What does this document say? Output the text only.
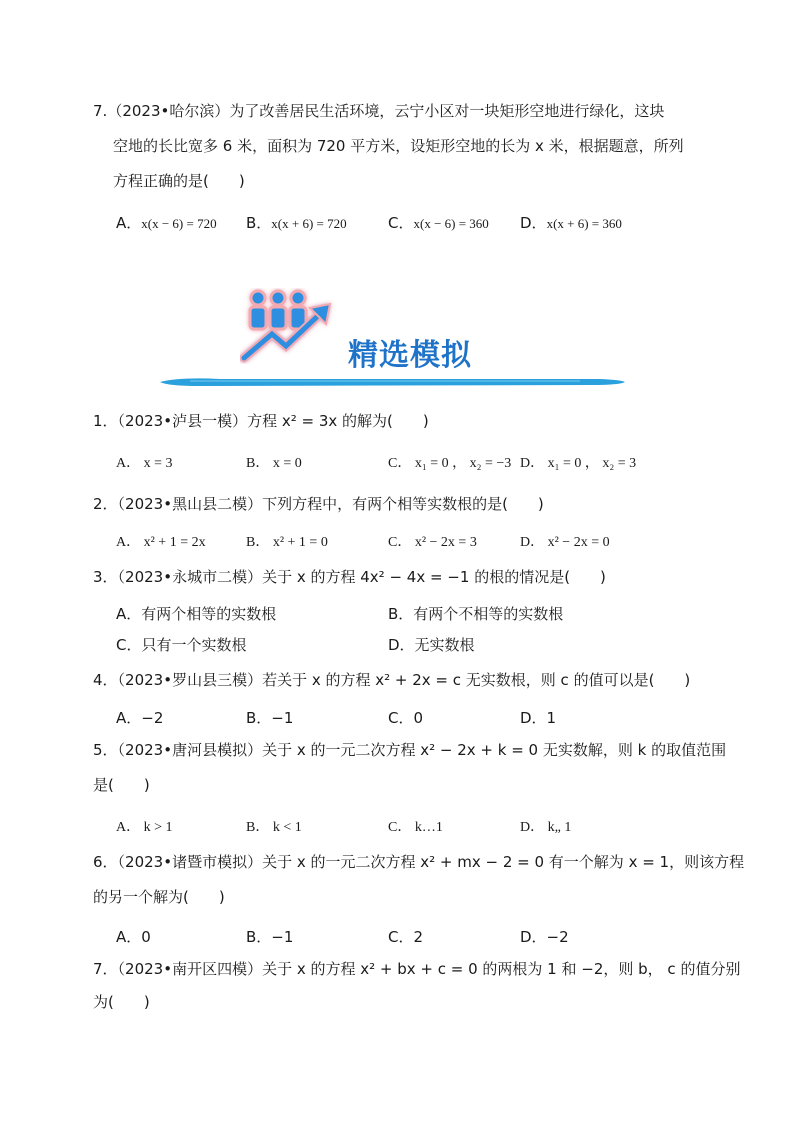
7.（2023•哈尔滨）为了改善居民生活环境，云宁小区对一块矩形空地进行绿化，这块
空地的长比宽多 6 米，面积为 720 平方米，设矩形空地的长为 x 米，根据题意，所列
方程正确的是(　　)
A．x(x − 6) = 720 B．x(x + 6) = 720	C．x(x − 6) = 360 D．x(x + 6) = 360
精选模拟
1．（2023•泸县一模）方程 x² = 3x 的解为(　　)
A． x = 3	B． x = 0	C． x₁ = 0 ， x₂ = −3 D． x₁ = 0 ， x₂ = 3
2．（2023•黑山县二模）下列方程中，有两个相等实数根的是(　　)
A． x² + 1 = 2x	B． x² + 1 = 0	C． x² − 2x = 3	D． x² − 2x = 0
3．（2023•永城市二模）关于 x 的方程 4x² − 4x = −1 的根的情况是(　　)
A．有两个相等的实数根	B．有两个不相等的实数根
C．只有一个实数根	D．无实数根
4．（2023•罗山县三模）若关于 x 的方程 x² + 2x = c 无实数根，则 c 的值可以是(　　)
A．−2	B．−1	C．0	D．1
5．（2023•唐河县模拟）关于 x 的一元二次方程 x² − 2x + k = 0 无实数解，则 k 的取值范围
是(　　)
A． k > 1	B． k < 1	C． k…1	D． k„ 1
6．（2023•诸暨市模拟）关于 x 的一元二次方程 x² + mx − 2 = 0 有一个解为 x = 1，则该方程
的另一个解为(　　)
A．0	B．−1	C．2	D．−2
7．（2023•南开区四模）关于 x 的方程 x² + bx + c = 0 的两根为 1 和 −2，则 b， c 的值分别
为(　　)
